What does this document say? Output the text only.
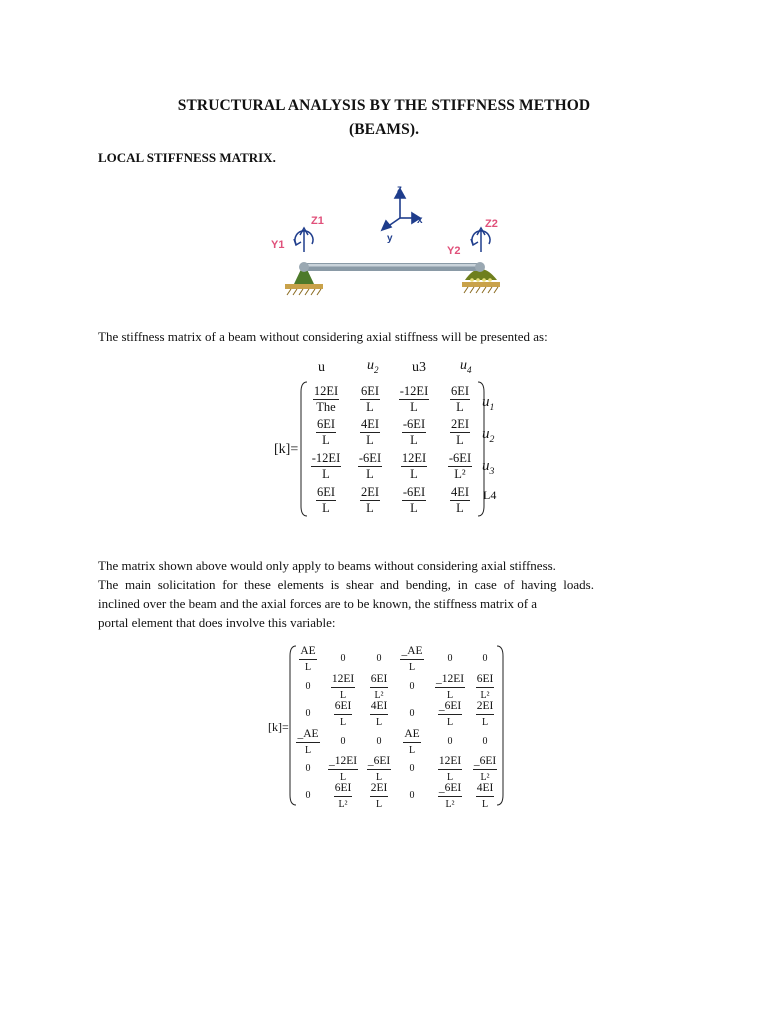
STRUCTURAL ANALYSIS BY THE STIFFNESS METHOD
(BEAMS).
LOCAL STIFFNESS MATRIX.
z
x
y
Z1
Y1
Z2
Y2
The stiffness matrix of a beam without considering axial stiffness will be presented as:
[k]=
u	$u_2$ u3 $u_4$
$\frac{12EI}{\text{The}} \frac{6EI}{L} \frac{-12EI}{L} \frac{6EI}{L}$
$\frac{6EI}{L} \frac{4EI}{L} \frac{-6EI}{L} \frac{2EI}{L}$
$\frac{-12EI}{L} \frac{-6EI}{L} \frac{12EI}{L} \frac{-6EI}{\text{L²}}$
$\frac{6EI}{L} \frac{2EI}{L} \frac{-6EI}{L} \frac{4EI}{L}$
$u_1$
$u_2$
$u_3$
L4
The matrix shown above would only apply to beams without considering axial stiffness.
The main solicitation for these elements is shear and bending, in case of having loads.
inclined over the beam and the axial forces are to be known, the stiffness matrix of a
portal element that does involve this variable:
[k]=
$\frac{AE}{L}$	0	0	$\frac{\_AE}{L}$	0	0
0	$\frac{12EI}{L} \frac{6EI}{\text{L²}}$	0	$\frac{\_12EI}{L} \frac{6EI}{\text{L²}}$
0	$\frac{6EI}{L} \frac{4EI}{L}$	0	$\frac{\_6EI}{L} \frac{2EI}{L}$
$\frac{\_AE}{L}$	0	0	$\frac{AE}{L}$	0	0
0	$\frac{\_12EI}{L} \frac{\_6EI}{L}$	0	$\frac{12EI}{L} \frac{\_6EI}{\text{L²}}$
0	$\frac{6EI}{\text{L²}} \frac{2EI}{L}$	0	$\frac{\_6EI}{\text{L²}} \frac{4EI}{L}$
